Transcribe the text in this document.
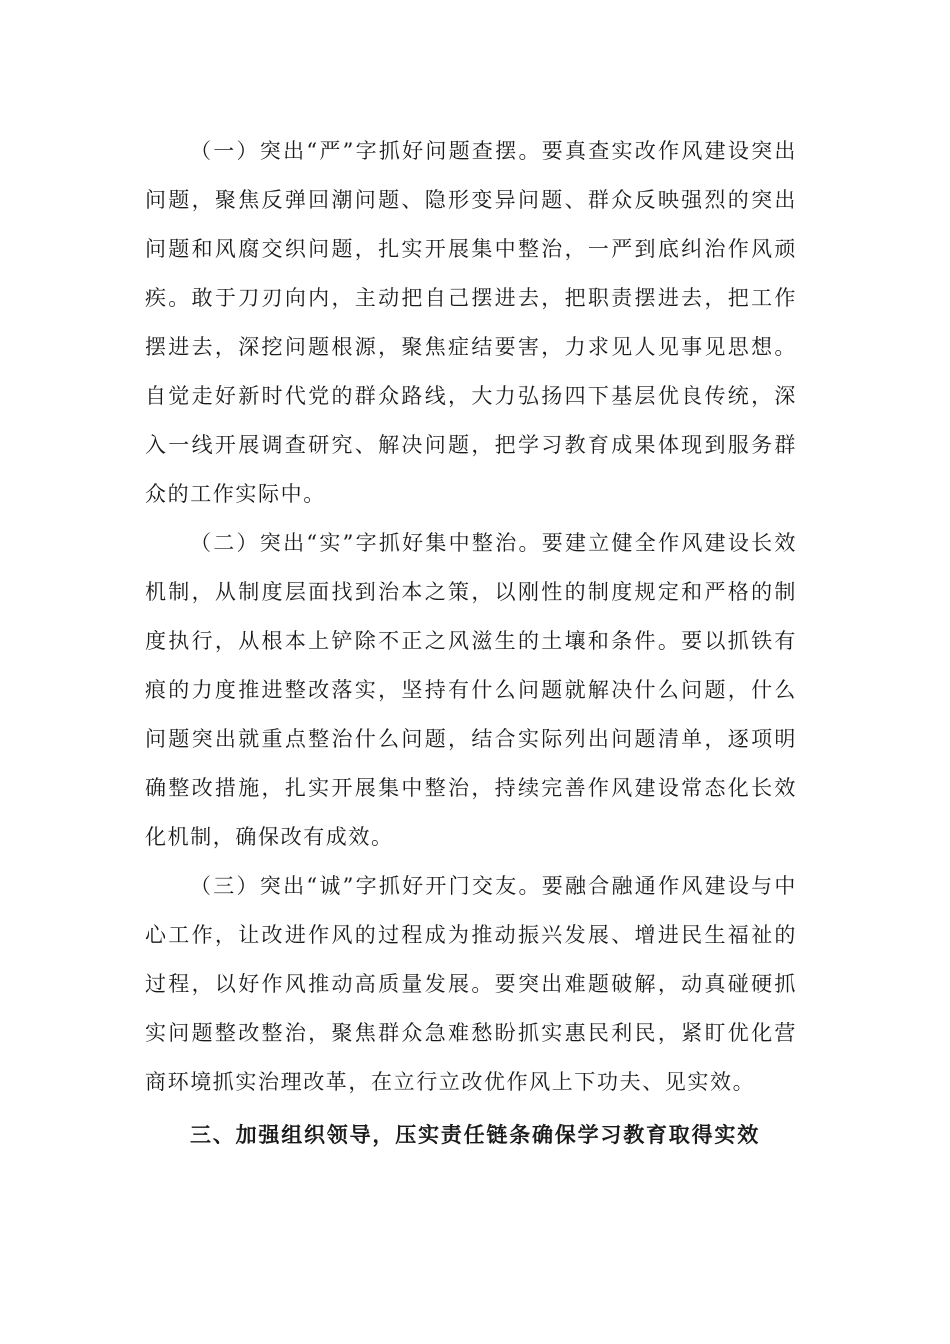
（一）突出“严”字抓好问题查摆。要真查实改作风建设突出问题，聚焦反弹回潮问题、隐形变异问题、群众反映强烈的突出问题和风腐交织问题，扎实开展集中整治，一严到底纠治作风顽疾。敢于刀刃向内，主动把自己摆进去，把职责摆进去，把工作摆进去，深挖问题根源，聚焦症结要害，力求见人见事见思想。自觉走好新时代党的群众路线，大力弘扬四下基层优良传统，深入一线开展调查研究、解决问题，把学习教育成果体现到服务群众的工作实际中。

（二）突出“实”字抓好集中整治。要建立健全作风建设长效机制，从制度层面找到治本之策，以刚性的制度规定和严格的制度执行，从根本上铲除不正之风滋生的土壤和条件。要以抓铁有痕的力度推进整改落实，坚持有什么问题就解决什么问题，什么问题突出就重点整治什么问题，结合实际列出问题清单，逐项明确整改措施，扎实开展集中整治，持续完善作风建设常态化长效化机制，确保改有成效。

（三）突出“诚”字抓好开门交友。要融合融通作风建设与中心工作，让改进作风的过程成为推动振兴发展、增进民生福祉的过程，以好作风推动高质量发展。要突出难题破解，动真碰硬抓实问题整改整治，聚焦群众急难愁盼抓实惠民利民，紧盯优化营商环境抓实治理改革，在立行立改优作风上下功夫、见实效。

三、加强组织领导，压实责任链条确保学习教育取得实效
